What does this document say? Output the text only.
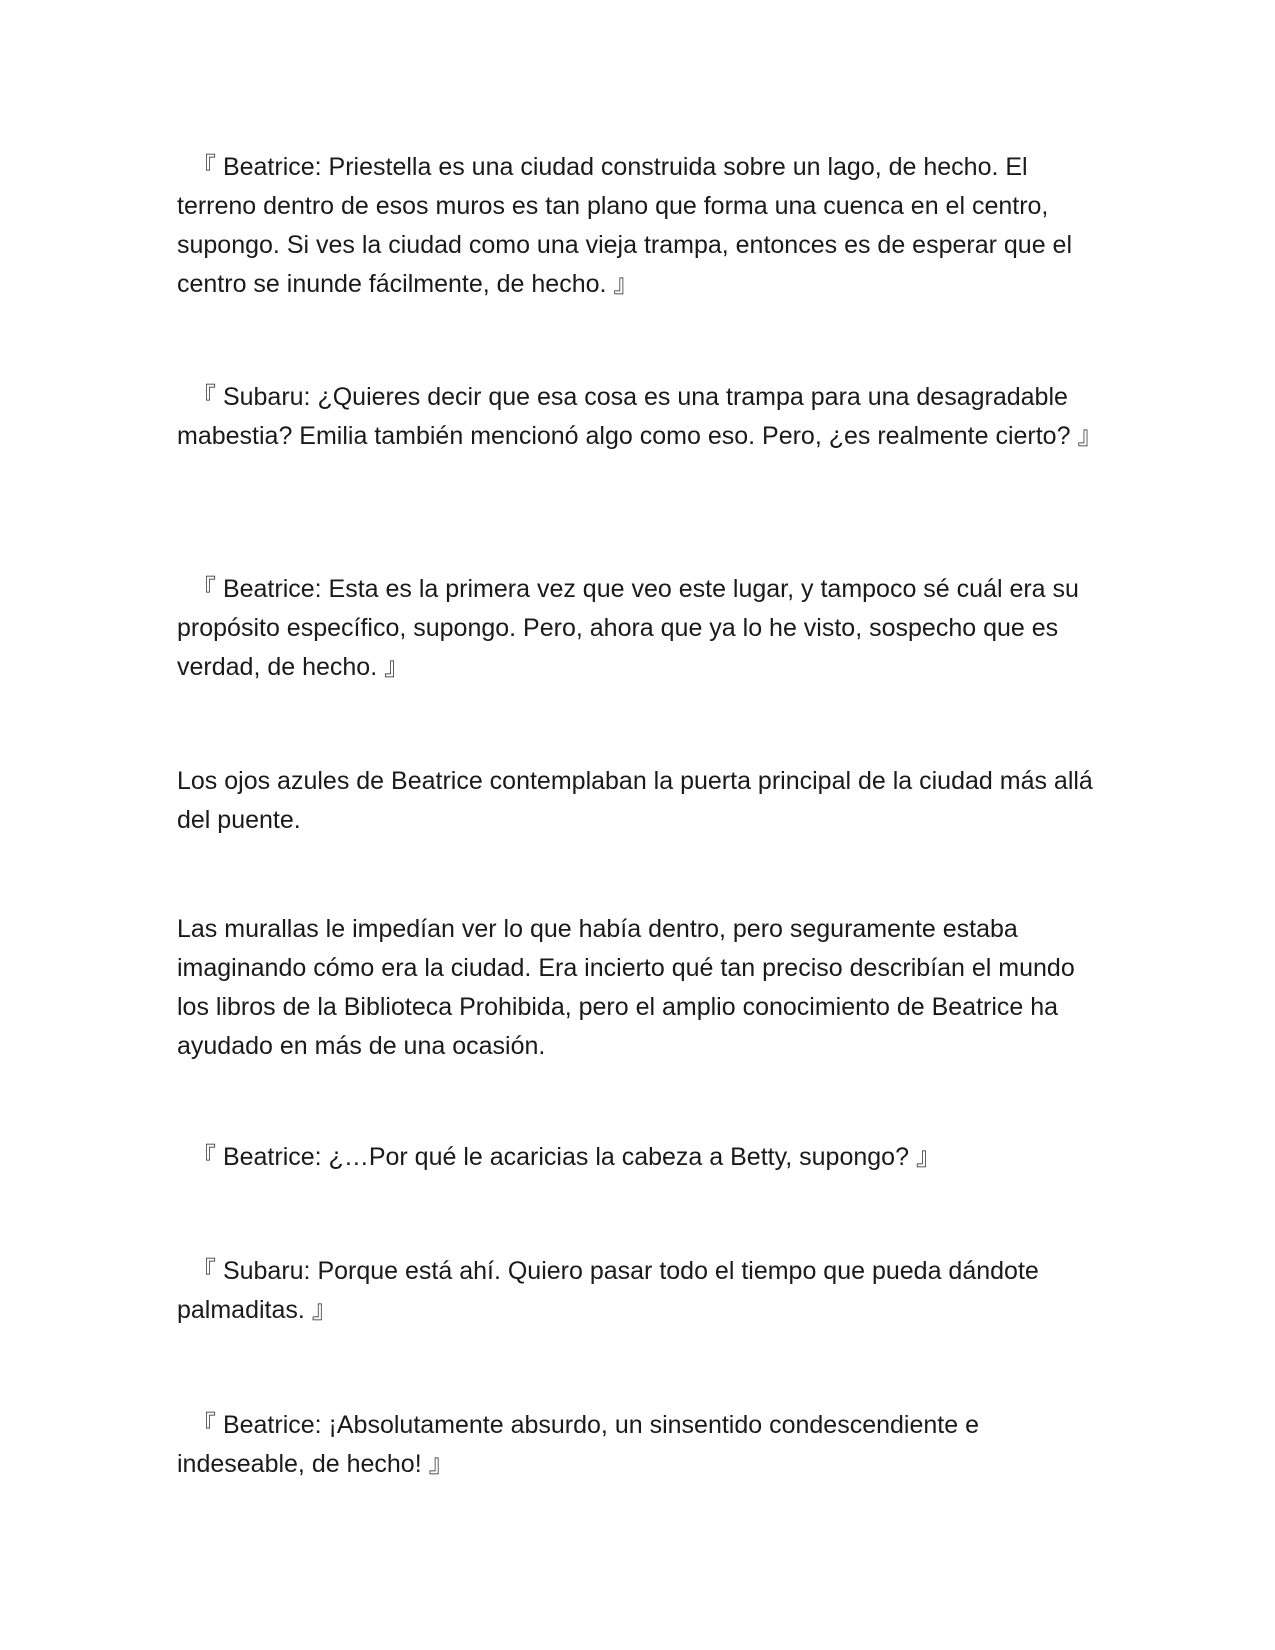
『 Beatrice: Priestella es una ciudad construida sobre un lago, de hecho. El terreno dentro de esos muros es tan plano que forma una cuenca en el centro, supongo. Si ves la ciudad como una vieja trampa, entonces es de esperar que el centro se inunde fácilmente, de hecho. 』

『 Subaru: ¿Quieres decir que esa cosa es una trampa para una desagradable mabestia? Emilia también mencionó algo como eso. Pero, ¿es realmente cierto? 』

『 Beatrice: Esta es la primera vez que veo este lugar, y tampoco sé cuál era su propósito específico, supongo. Pero, ahora que ya lo he visto, sospecho que es verdad, de hecho. 』

Los ojos azules de Beatrice contemplaban la puerta principal de la ciudad más allá del puente.

Las murallas le impedían ver lo que había dentro, pero seguramente estaba imaginando cómo era la ciudad. Era incierto qué tan preciso describían el mundo los libros de la Biblioteca Prohibida, pero el amplio conocimiento de Beatrice ha ayudado en más de una ocasión.

『 Beatrice: ¿…Por qué le acaricias la cabeza a Betty, supongo? 』

『 Subaru: Porque está ahí. Quiero pasar todo el tiempo que pueda dándote palmaditas. 』

『 Beatrice: ¡Absolutamente absurdo, un sinsentido condescendiente e indeseable, de hecho! 』
